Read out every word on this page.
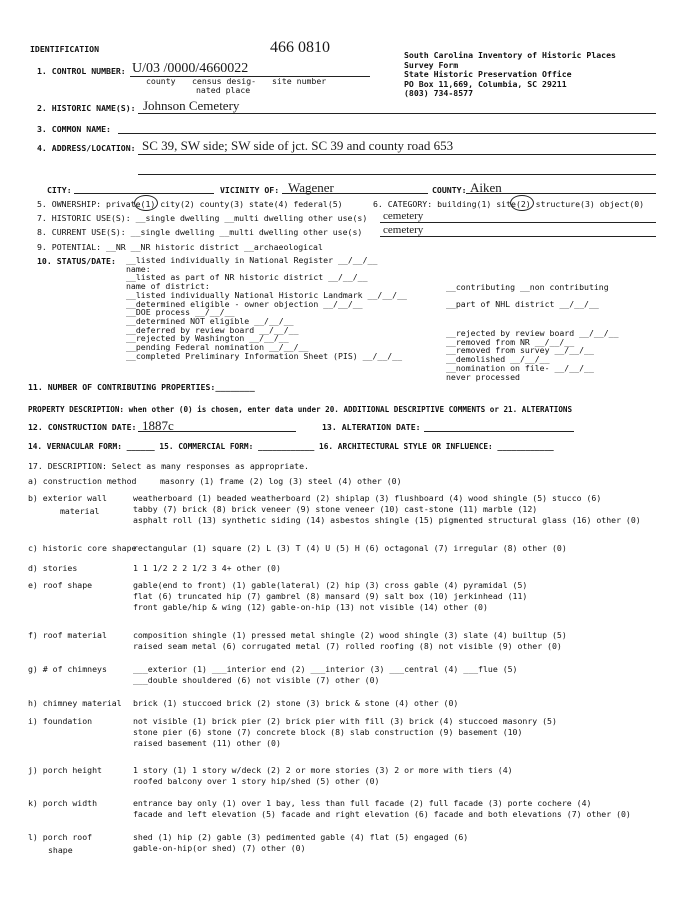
IDENTIFICATION	466 0810	South Carolina Inventory of Historic Places
Survey Form
State Historic Preservation Office
PO Box 11,669, Columbia, SC 29211
(803) 734-8577
1. CONTROL NUMBER: U/03 /0000/4660022
county census desig- site number
nated place
2. HISTORIC NAME(S): Johnson Cemetery
3. COMMON NAME:
4. ADDRESS/LOCATION: SC 39, SW side; SW side of jct. SC 39 and county road 653
CITY:	VICINITY OF: Wagener	COUNTY: Aiken
5. OWNERSHIP: private(1) city(2) county(3) state(4) federal(5)	6. CATEGORY: building(1) site(2) structure(3) object(0)
7. HISTORIC USE(S): __single dwelling __multi dwelling other use(s) cemetery
8. CURRENT USE(S): __single dwelling __multi dwelling other use(s) cemetery
9. POTENTIAL: __NR __NR historic district __archaeological
10. STATUS/DATE: __listed individually in National Register __/__/__
name:
__listed as part of NR historic district __/__/__
name of district:
__listed individually National Historic Landmark __/__/__
__determined eligible - owner objection __/__/__
__DOE process __/__/__
__determined NOT eligible __/__/__
__deferred by review board __/__/__
__rejected by Washington __/__/__
__pending Federal nomination __/__/__
__completed Preliminary Information Sheet (PIS) __/__/__
__contributing __non contributing
__part of NHL district __/__/__
__rejected by review board __/__/__
__removed from NR __/__/__
__removed from survey __/__/__
__demolished __/__/__
__nomination on file- __/__/__
never processed
11. NUMBER OF CONTRIBUTING PROPERTIES:________
PROPERTY DESCRIPTION: when other (0) is chosen, enter data under 20. ADDITIONAL DESCRIPTIVE COMMENTS or 21. ALTERATIONS
12. CONSTRUCTION DATE: 1887c	13. ALTERATION DATE:
14. VERNACULAR FORM: ______ 15. COMMERCIAL FORM: ____________ 16. ARCHITECTURAL STYLE OR INFLUENCE: ____________
17. DESCRIPTION: Select as many responses as appropriate.
a) construction method	masonry (1) frame (2) log (3) steel (4) other (0)
b) exterior wall
material
weatherboard (1) beaded weatherboard (2) shiplap (3) flushboard (4) wood shingle (5) stucco (6)
tabby (7) brick (8) brick veneer (9) stone veneer (10) cast-stone (11) marble (12)
asphalt roll (13) synthetic siding (14) asbestos shingle (15) pigmented structural glass (16) other (0)
c) historic core shape
rectangular (1) square (2) L (3) T (4) U (5) H (6) octagonal (7) irregular (8) other (0)
d) stories	1 1 1/2 2 2 1/2 3 4+ other (0)
e) roof shape	gable(end to front) (1) gable(lateral) (2) hip (3) cross gable (4) pyramidal (5)
flat (6) truncated hip (7) gambrel (8) mansard (9) salt box (10) jerkinhead (11)
front gable/hip & wing (12) gable-on-hip (13) not visible (14) other (0)
f) roof material	composition shingle (1) pressed metal shingle (2) wood shingle (3) slate (4) builtup (5)
raised seam metal (6) corrugated metal (7) rolled roofing (8) not visible (9) other (0)
g) # of chimneys	___exterior (1) ___interior end (2) ___interior (3) ___central (4) ___flue (5)
___double shouldered (6) not visible (7) other (0)
h) chimney material brick (1) stuccoed brick (2) stone (3) brick & stone (4) other (0)
i) foundation	not visible (1) brick pier (2) brick pier with fill (3) brick (4) stuccoed masonry (5)
stone pier (6) stone (7) concrete block (8) slab construction (9) basement (10)
raised basement (11) other (0)
j) porch height	1 story (1) 1 story w/deck (2) 2 or more stories (3) 2 or more with tiers (4)
roofed balcony over 1 story hip/shed (5) other (0)
k) porch width	entrance bay only (1) over 1 bay, less than full facade (2) full facade (3) porte cochere (4)
facade and left elevation (5) facade and right elevation (6) facade and both elevations (7) other (0)
l) porch roof
shape
shed (1) hip (2) gable (3) pedimented gable (4) flat (5) engaged (6)
gable-on-hip(or shed) (7) other (0)
